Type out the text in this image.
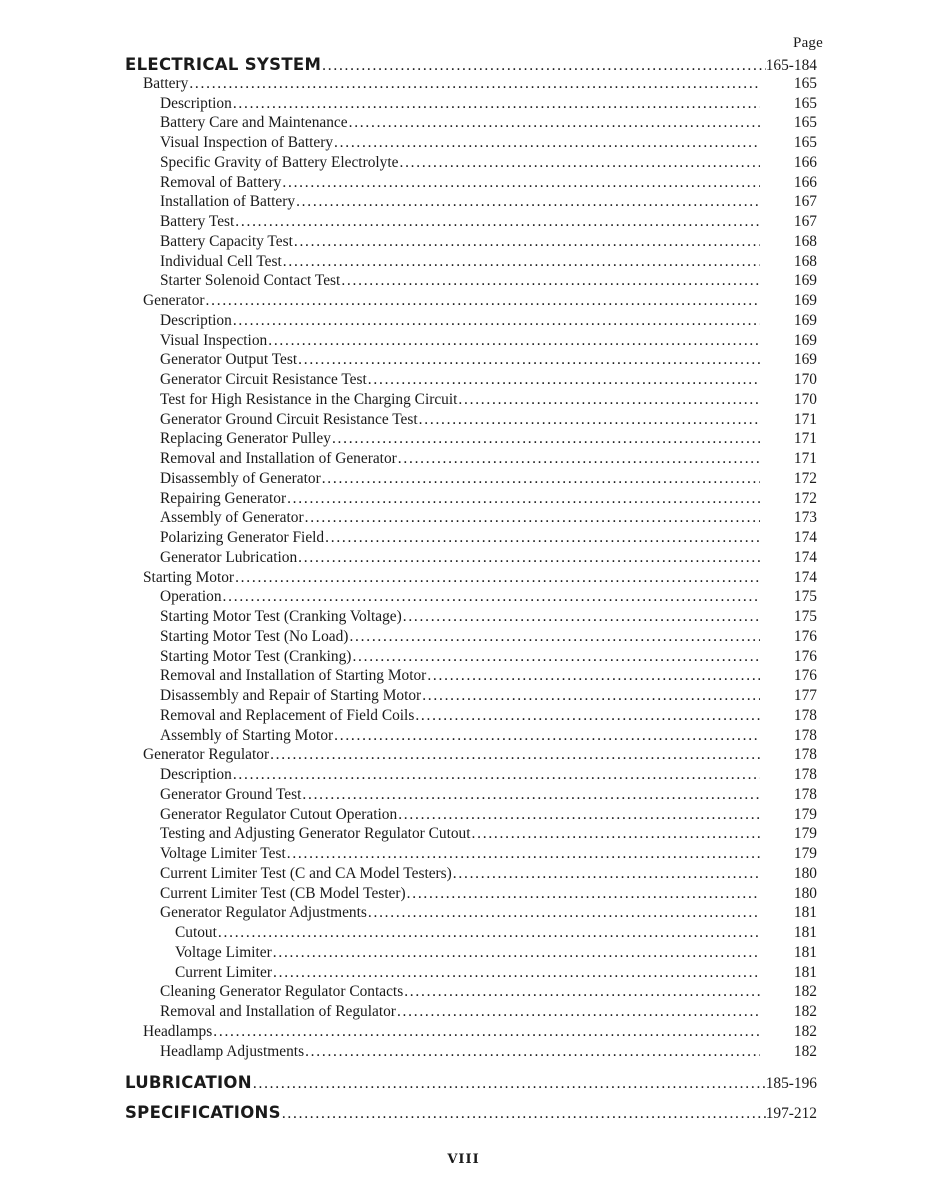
Page
ELECTRICAL SYSTEM . . .	165-184
Battery . . .	165
Description . . .	165
Battery Care and Maintenance . . .	165
Visual Inspection of Battery . . .	165
Specific Gravity of Battery Electrolyte . . .	166
Removal of Battery . . .	166
Installation of Battery . . .	167
Battery Test . . .	167
Battery Capacity Test . . .	168
Individual Cell Test . . .	168
Starter Solenoid Contact Test . . .	169
Generator . . .	169
Description . . .	169
Visual Inspection . . .	169
Generator Output Test . . .	169
Generator Circuit Resistance Test . . .	170
Test for High Resistance in the Charging Circuit . . .	170
Generator Ground Circuit Resistance Test . . .	171
Replacing Generator Pulley . . .	171
Removal and Installation of Generator . . .	171
Disassembly of Generator . . .	172
Repairing Generator . . .	172
Assembly of Generator . . .	173
Polarizing Generator Field . . .	174
Generator Lubrication . . .	174
Starting Motor . . .	174
Operation . . .	175
Starting Motor Test (Cranking Voltage) . . .	175
Starting Motor Test (No Load) . . .	176
Starting Motor Test (Cranking) . . .	176
Removal and Installation of Starting Motor . . .	176
Disassembly and Repair of Starting Motor . . .	177
Removal and Replacement of Field Coils . . .	178
Assembly of Starting Motor . . .	178
Generator Regulator . . .	178
Description . . .	178
Generator Ground Test . . .	178
Generator Regulator Cutout Operation . . .	179
Testing and Adjusting Generator Regulator Cutout . . .	179
Voltage Limiter Test . . .	179
Current Limiter Test (C and CA Model Testers) . . .	180
Current Limiter Test (CB Model Tester) . . .	180
Generator Regulator Adjustments . . .	181
Cutout . . .	181
Voltage Limiter . . .	181
Current Limiter . . .	181
Cleaning Generator Regulator Contacts . . .	182
Removal and Installation of Regulator . . .	182
Headlamps . . .	182
Headlamp Adjustments . . .	182
LUBRICATION . . .	185-196
SPECIFICATIONS . . .	197-212
VIII
